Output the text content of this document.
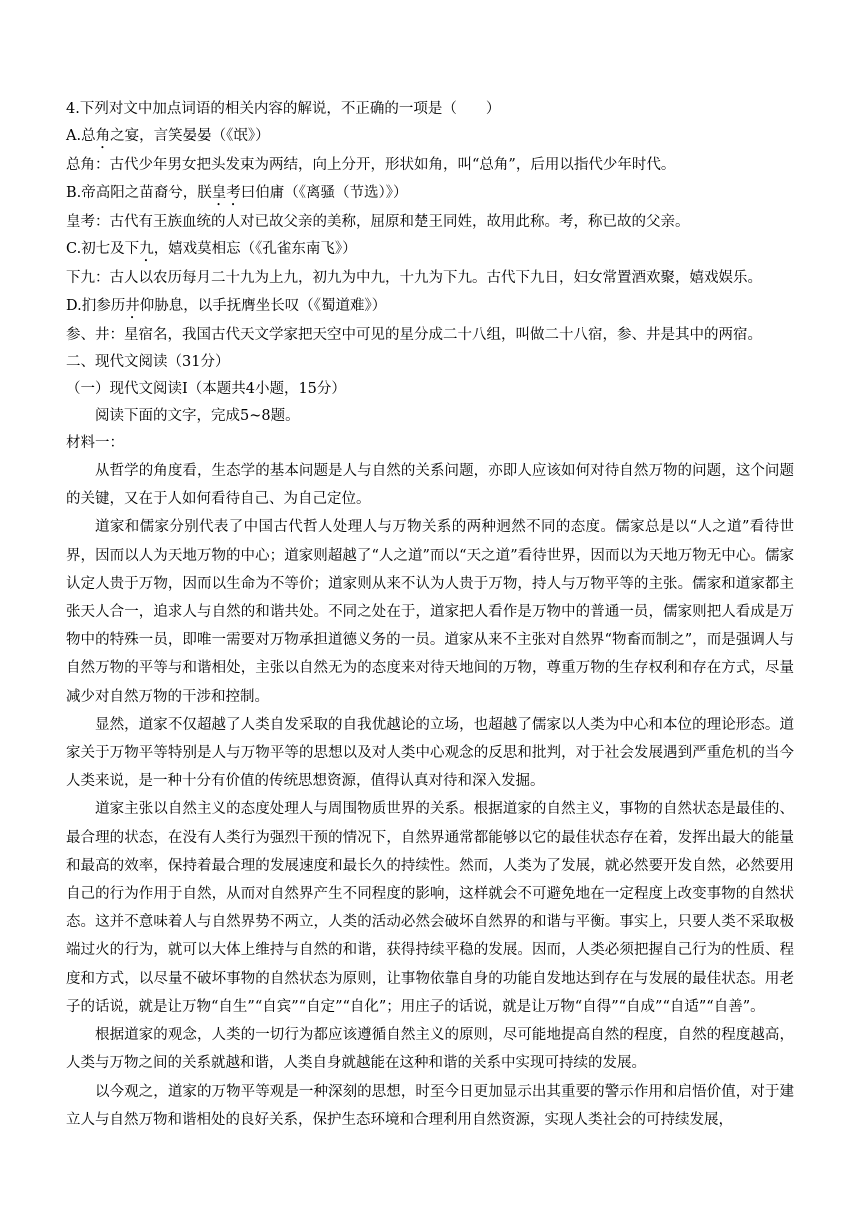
4.下列对文中加点词语的相关内容的解说，不正确的一项是（　　）

A.总角之宴，言笑晏晏（《氓》）

总角：古代少年男女把头发束为两结，向上分开，形状如角，叫“总角”，后用以指代少年时代。

B.帝高阳之苗裔兮，朕皇考曰伯庸（《离骚（节选）》）

皇考：古代有王族血统的人对已故父亲的美称，屈原和楚王同姓，故用此称。考，称已故的父亲。

C.初七及下九，嬉戏莫相忘（《孔雀东南飞》）

下九：古人以农历每月二十九为上九，初九为中九，十九为下九。古代下九日，妇女常置酒欢聚，嬉戏娱乐。

D.扪参历井仰胁息，以手抚膺坐长叹（《蜀道难》）

参、井：星宿名，我国古代天文学家把天空中可见的星分成二十八组，叫做二十八宿，参、井是其中的两宿。

二、现代文阅读（31分）

（一）现代文阅读Ⅰ（本题共4小题，15分）

阅读下面的文字，完成5~8题。

材料一：

从哲学的角度看，生态学的基本问题是人与自然的关系问题，亦即人应该如何对待自然万物的问题，这个问题的关键，又在于人如何看待自己、为自己定位。

道家和儒家分别代表了中国古代哲人处理人与万物关系的两种迥然不同的态度。儒家总是以“人之道”看待世界，因而以人为天地万物的中心；道家则超越了“人之道”而以“天之道”看待世界，因而以为天地万物无中心。儒家认定人贵于万物，因而以生命为不等价；道家则从来不认为人贵于万物，持人与万物平等的主张。儒家和道家都主张天人合一，追求人与自然的和谐共处。不同之处在于，道家把人看作是万物中的普通一员，儒家则把人看成是万物中的特殊一员，即唯一需要对万物承担道德义务的一员。道家从来不主张对自然界“物畜而制之”，而是强调人与自然万物的平等与和谐相处，主张以自然无为的态度来对待天地间的万物，尊重万物的生存权利和存在方式，尽量减少对自然万物的干涉和控制。

显然，道家不仅超越了人类自发采取的自我优越论的立场，也超越了儒家以人类为中心和本位的理论形态。道家关于万物平等特别是人与万物平等的思想以及对人类中心观念的反思和批判，对于社会发展遇到严重危机的当今人类来说，是一种十分有价值的传统思想资源，值得认真对待和深入发掘。

道家主张以自然主义的态度处理人与周围物质世界的关系。根据道家的自然主义，事物的自然状态是最佳的、最合理的状态，在没有人类行为强烈干预的情况下，自然界通常都能够以它的最佳状态存在着，发挥出最大的能量和最高的效率，保持着最合理的发展速度和最长久的持续性。然而，人类为了发展，就必然要开发自然，必然要用自己的行为作用于自然，从而对自然界产生不同程度的影响，这样就会不可避免地在一定程度上改变事物的自然状态。这并不意味着人与自然界势不两立，人类的活动必然会破坏自然界的和谐与平衡。事实上，只要人类不采取极端过火的行为，就可以大体上维持与自然的和谐，获得持续平稳的发展。因而，人类必须把握自己行为的性质、程度和方式，以尽量不破坏事物的自然状态为原则，让事物依靠自身的功能自发地达到存在与发展的最佳状态。用老子的话说，就是让万物“自生”“自宾”“自定”“自化”；用庄子的话说，就是让万物“自得”“自成”“自适”“自善”。

根据道家的观念，人类的一切行为都应该遵循自然主义的原则，尽可能地提高自然的程度，自然的程度越高，人类与万物之间的关系就越和谐，人类自身就越能在这种和谐的关系中实现可持续的发展。

以今观之，道家的万物平等观是一种深刻的思想，时至今日更加显示出其重要的警示作用和启悟价值，对于建立人与自然万物和谐相处的良好关系，保护生态环境和合理利用自然资源，实现人类社会的可持续发展，
